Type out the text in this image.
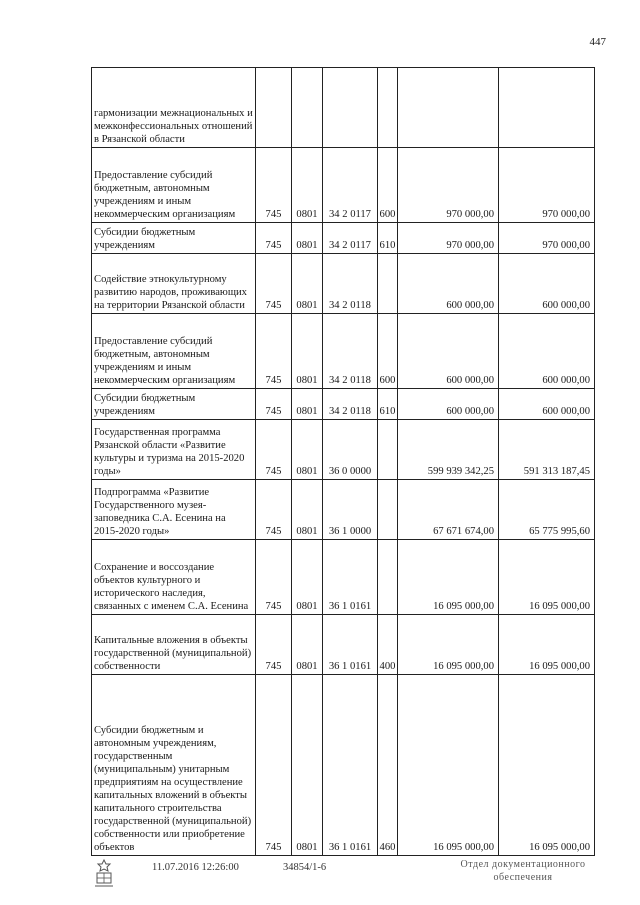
447
гармонизации межнациональных и межконфессиональных отношений в Рязанской области						
Предоставление субсидий бюджетным, автономным учреждениям и иным некоммерческим организациям	745	0801	34 2 0117	600	970 000,00	970 000,00
Субсидии бюджетным учреждениям	745	0801	34 2 0117	610	970 000,00	970 000,00
Содействие этнокультурному развитию народов, проживающих на территории Рязанской области	745	0801	34 2 0118		600 000,00	600 000,00
Предоставление субсидий бюджетным, автономным учреждениям и иным некоммерческим организациям	745	0801	34 2 0118	600	600 000,00	600 000,00
Субсидии бюджетным учреждениям	745	0801	34 2 0118	610	600 000,00	600 000,00
Государственная программа Рязанской области «Развитие культуры и туризма на 2015-2020 годы»	745	0801	36 0 0000		599 939 342,25	591 313 187,45
Подпрограмма «Развитие Государственного музея-заповедника С.А. Есенина на 2015-2020 годы»	745	0801	36 1 0000		67 671 674,00	65 775 995,60
Сохранение и воссоздание объектов культурного и исторического наследия, связанных с именем С.А. Есенина	745	0801	36 1 0161		16 095 000,00	16 095 000,00
Капитальные вложения в объекты государственной (муниципальной) собственности	745	0801	36 1 0161	400	16 095 000,00	16 095 000,00
Субсидии бюджетным и автономным учреждениям, государственным (муниципальным) унитарным предприятиям на осуществление капитальных вложений в объекты капитального строительства государственной (муниципальной) собственности или приобретение объектов	745	0801	36 1 0161	460	16 095 000,00	16 095 000,00
11.07.2016 12:26:00	34854/1-6	Отдел документационного обеспечения
